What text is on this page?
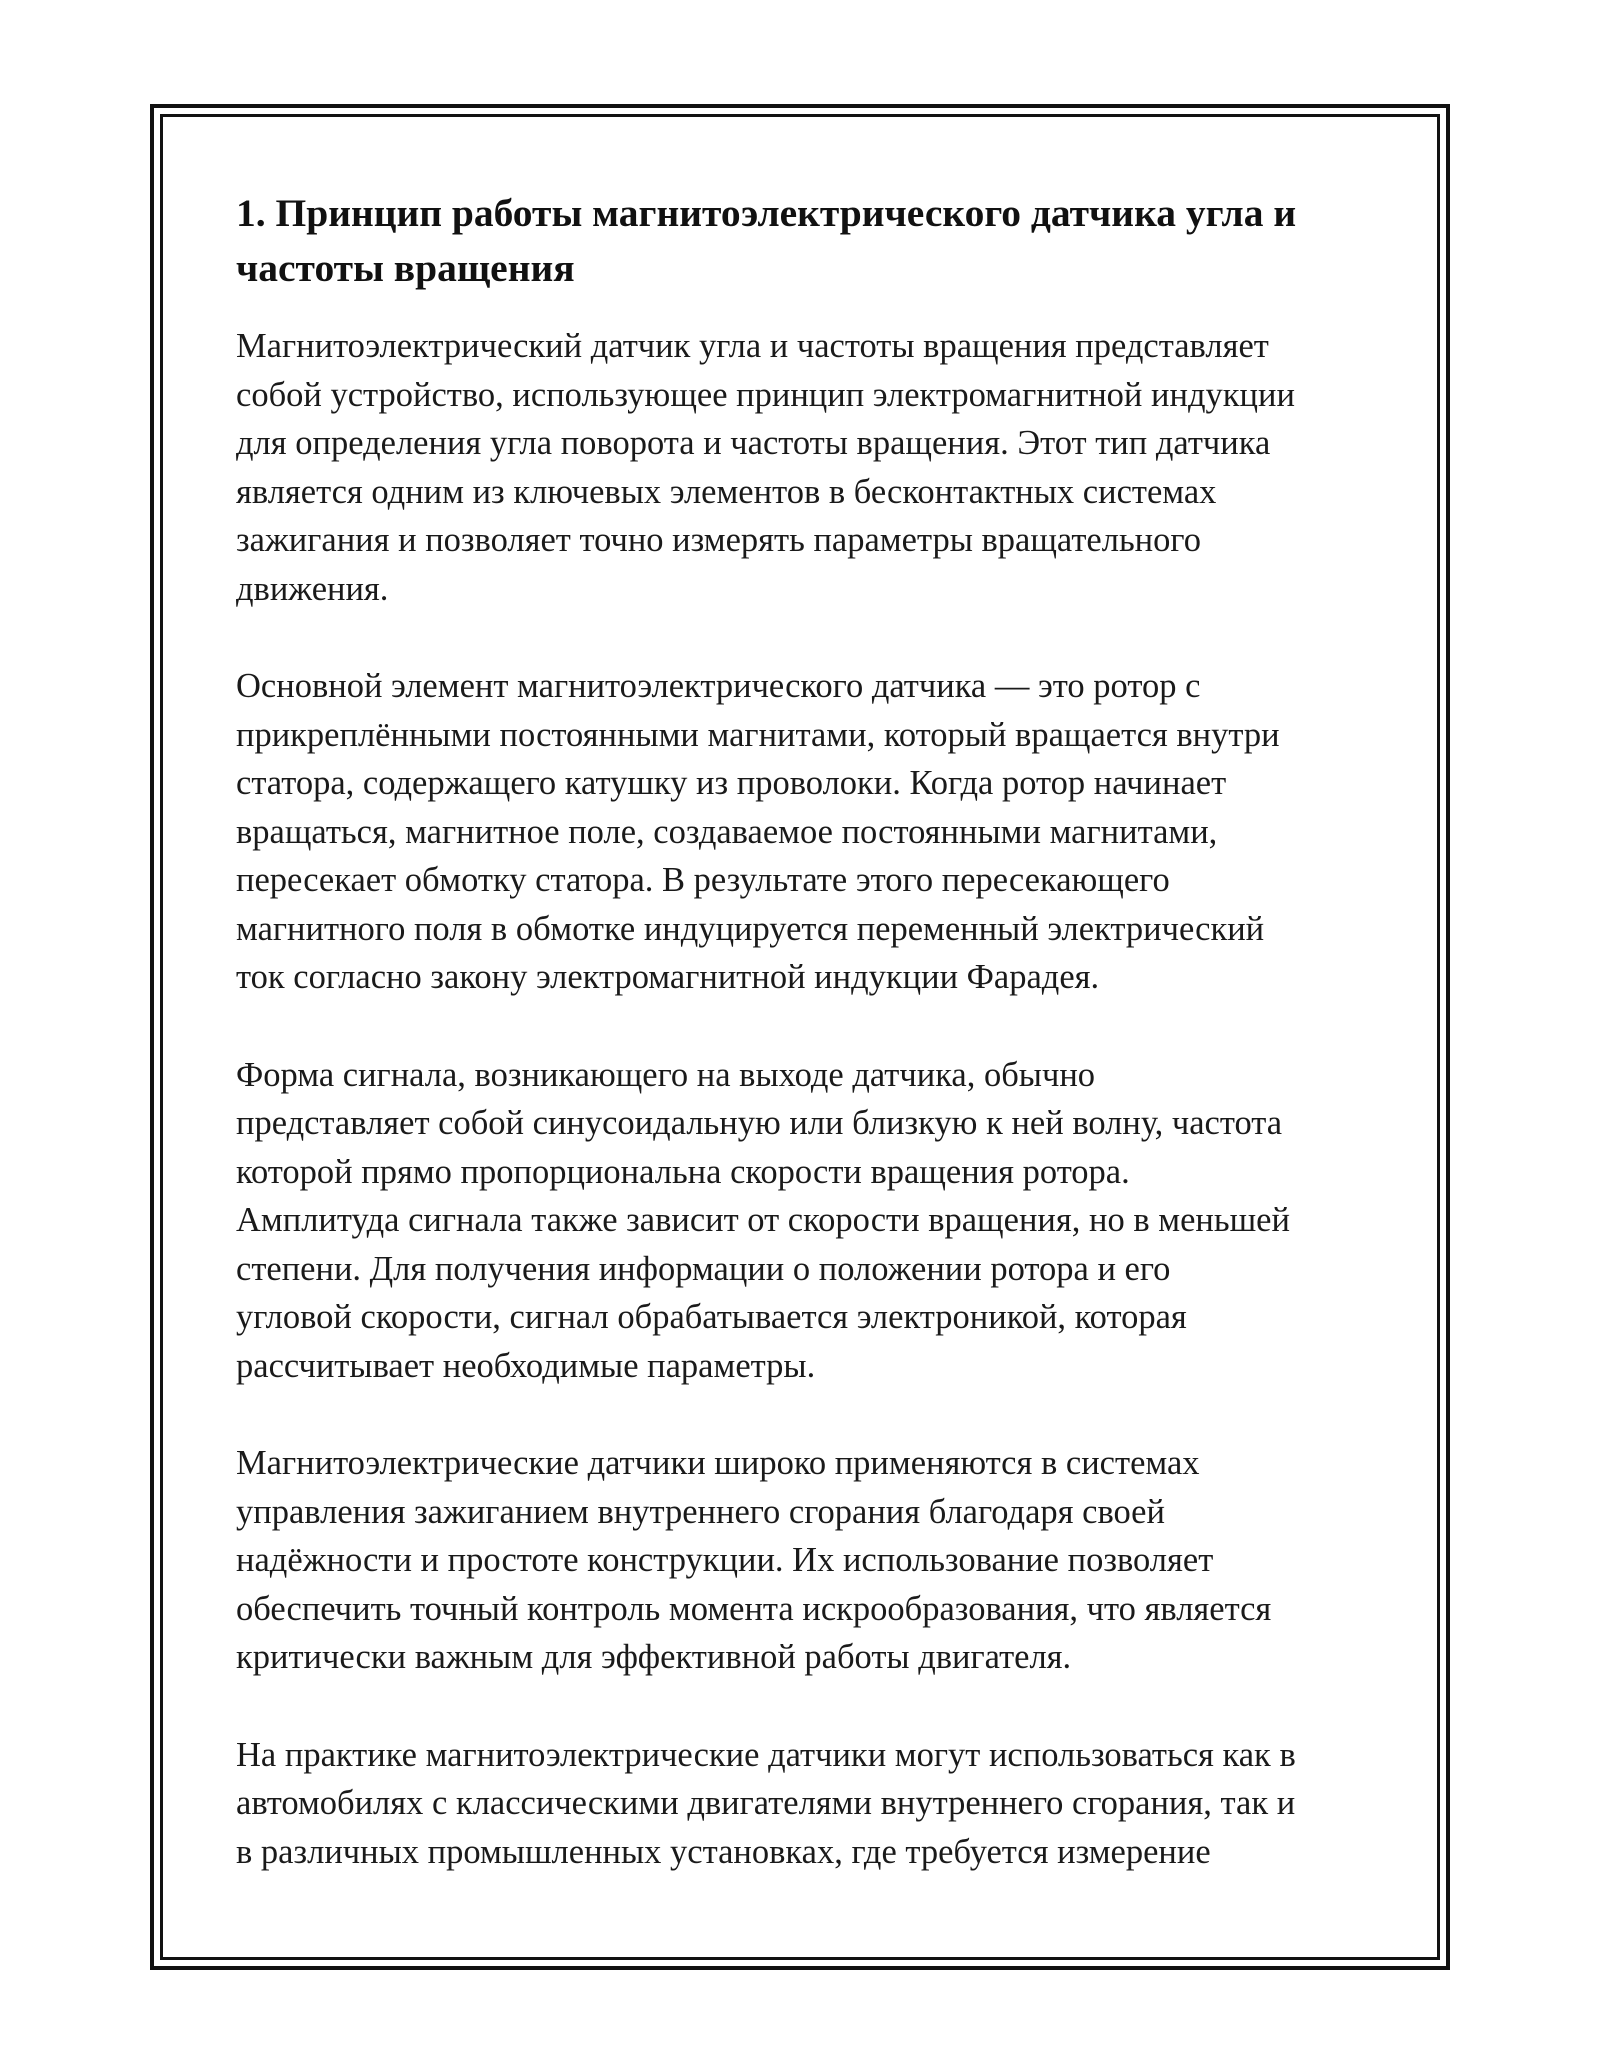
1. Принцип работы магнитоэлектрического датчика угла и
частоты вращения
Магнитоэлектрический датчик угла и частоты вращения представляет
собой устройство, использующее принцип электромагнитной индукции
для определения угла поворота и частоты вращения. Этот тип датчика
является одним из ключевых элементов в бесконтактных системах
зажигания и позволяет точно измерять параметры вращательного
движения.
Основной элемент магнитоэлектрического датчика — это ротор с
прикреплёнными постоянными магнитами, который вращается внутри
статора, содержащего катушку из проволоки. Когда ротор начинает
вращаться, магнитное поле, создаваемое постоянными магнитами,
пересекает обмотку статора. В результате этого пересекающего
магнитного поля в обмотке индуцируется переменный электрический
ток согласно закону электромагнитной индукции Фарадея.
Форма сигнала, возникающего на выходе датчика, обычно
представляет собой синусоидальную или близкую к ней волну, частота
которой прямо пропорциональна скорости вращения ротора.
Амплитуда сигнала также зависит от скорости вращения, но в меньшей
степени. Для получения информации о положении ротора и его
угловой скорости, сигнал обрабатывается электроникой, которая
рассчитывает необходимые параметры.
Магнитоэлектрические датчики широко применяются в системах
управления зажиганием внутреннего сгорания благодаря своей
надёжности и простоте конструкции. Их использование позволяет
обеспечить точный контроль момента искрообразования, что является
критически важным для эффективной работы двигателя.
На практике магнитоэлектрические датчики могут использоваться как в
автомобилях с классическими двигателями внутреннего сгорания, так и
в различных промышленных установках, где требуется измерение
